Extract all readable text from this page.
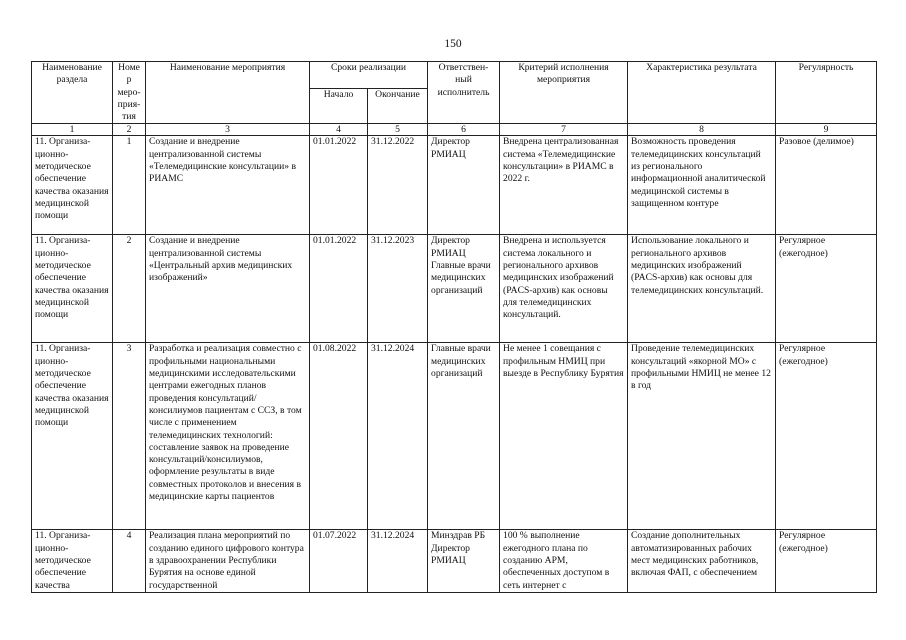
150
Наименование раздела	Номер меро-прия-тия	Наименование мероприятия	Сроки реализации		Ответствен-ный исполнитель	Критерий исполнения мероприятия	Характеристика результата	Регулярность
			Начало	Окончание				
1	2	3	4	5	6	7	8	9
11. Организа-ционно-методическое обеспечение качества оказания медицинской помощи	1	Создание и внедрение централизованной системы «Телемедицинские консультации» в РИАМС	01.01.2022	31.12.2022	Директор РМИАЦ	Внедрена централизованная система «Телемедицинские консультации» в РИАМС в 2022 г.	Возможность проведения телемедицинских консультаций из регионального информационной аналитической медицинской системы в защищенном контуре	Разовое (делимое)
11. Организа-ционно-методическое обеспечение качества оказания медицинской помощи	2	Создание и внедрение централизованной системы «Центральный архив медицинских изображений»	01.01.2022	31.12.2023	Директор РМИАЦ Главные врачи медицинских организаций	Внедрена и используется система локального и регионального архивов медицинских изображений (PACS-архив) как основы для телемедицинских консультаций.	Использование локального и регионального архивов медицинских изображений (PACS-архив) как основы для телемедицинских консультаций.	Регулярное (ежегодное)
11. Организа-ционно-методическое обеспечение качества оказания медицинской помощи	3	Разработка и реализация совместно с профильными национальными медицинскими исследовательскими центрами ежегодных планов проведения консультаций/консилиумов пациентам с ССЗ, в том числе с применением телемедицинских технологий: составление заявок на проведение консультаций/консилиумов, оформление результаты в виде совместных протоколов и внесения в медицинские карты пациентов	01.08.2022	31.12.2024	Главные врачи медицинских организаций	Не менее 1 совещания с профильным НМИЦ при выезде в Республику Бурятия	Проведение телемедицинских консультаций «якорной МО» с профильными НМИЦ не менее 12 в год	Регулярное (ежегодное)
11. Организа-ционно-методическое обеспечение качества	4	Реализация плана мероприятий по созданию единого цифрового контура в здравоохранении Республики Бурятия на основе единой государственной	01.07.2022	31.12.2024	Минздрав РБ Директор РМИАЦ	100 % выполнение ежегодного плана по созданию АРМ, обеспеченных доступом в сеть интернет с	Создание дополнительных автоматизированных рабочих мест медицинских работников, включая ФАП, с обеспечением	Регулярное (ежегодное)
